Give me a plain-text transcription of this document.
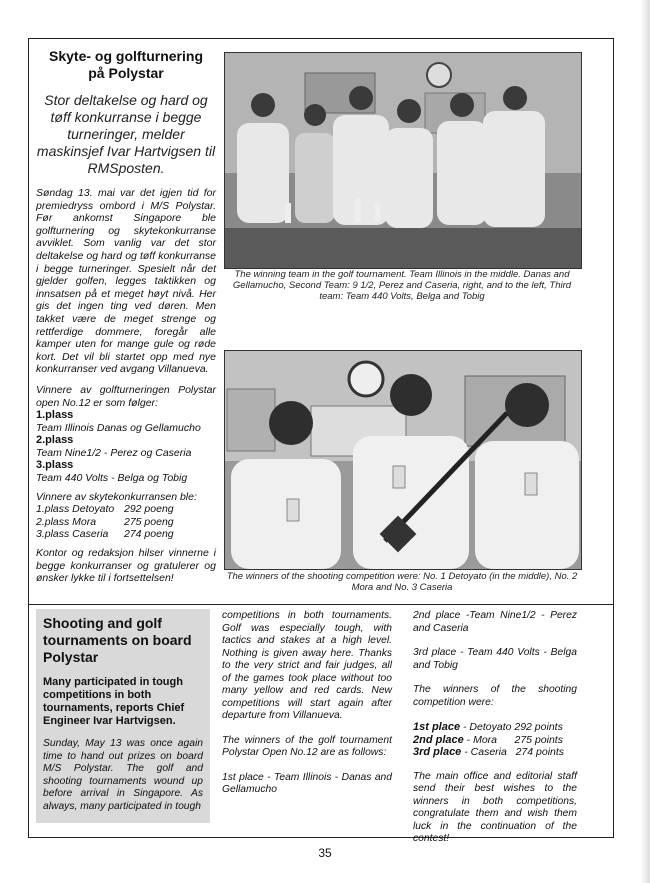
Skyte- og golfturnering
på Polystar

Stor deltakelse og hard og tøff konkurranse i begge turneringer, melder maskinsjef Ivar Hartvigsen til RMSposten.

Søndag 13. mai var det igjen tid for premiedryss ombord i M/S Polystar. Før ankomst Singapore ble golfturnering og skytekonkurranse avviklet. Som vanlig var det stor deltakelse og hard og tøff konkurranse i begge turneringer. Spesielt når det gjelder golfen, legges taktikken og innsatsen på et meget høyt nivå. Her gis det ingen ting ved døren. Men takket være de meget strenge og rettferdige dommere, foregår alle kamper uten for mange gule og røde kort. Det vil bli startet opp med nye konkurranser ved avgang Villanueva.

Vinnere av golfturneringen Polystar open No.12 er som følger:

1.plass
Team Illinois Danas og Gellamucho
2.plass
Team Nine1/2 - Perez og Caseria
3.plass
Team 440 Volts - Belga og Tobig
Vinnere av skytekonkurransen ble:
1.plass Detoyato 292 poeng
2.plass Mora	275 poeng
3.plass Caseria 274 poeng

Kontor og redaksjon hilser vinnerne i begge konkurranser og gratulerer og ønsker lykke til i fortsettelsen!

The winning team in the golf tournament. Team Illinois in the middle. Danas and Gellamucho, Second Team: 9 1/2, Perez and Caseria, right, and to the left, Third team: Team 440 Volts, Belga and Tobig
The winners of the shooting competition were: No. 1 Detoyato (in the middle), No. 2 Mora and No. 3 Caseria
Shooting and golf tournaments on board Polystar
Many participated in tough competitions in both tournaments, reports Chief Engineer Ivar Hartvigsen.

Sunday, May 13 was once again time to hand out prizes on board M/S Polystar. The golf and shooting tournaments wound up before arrival in Singapore. As always, many participated in tough

competitions in both tournaments. Golf was especially tough, with tactics and stakes at a high level. Nothing is given away here. Thanks to the very strict and fair judges, all of the games took place without too many yellow and red cards. New competitions will start again after departure from Villanueva.

The winners of the golf tournament Polystar Open No.12 are as follows:

1st place - Team Illinois - Danas and Gellamucho

2nd place -Team Nine1/2 - Perez and Caseria

3rd place - Team 440 Volts - Belga and Tobig

The winners of the shooting competition were:

1st place - Detoyato 292 points
2nd place - Mora      275 points
3rd place - Caseria   274 points

The main office and editorial staff send their best wishes to the winners in both competitions, congratulate them and wish them luck in the continuation of the contest!

35
